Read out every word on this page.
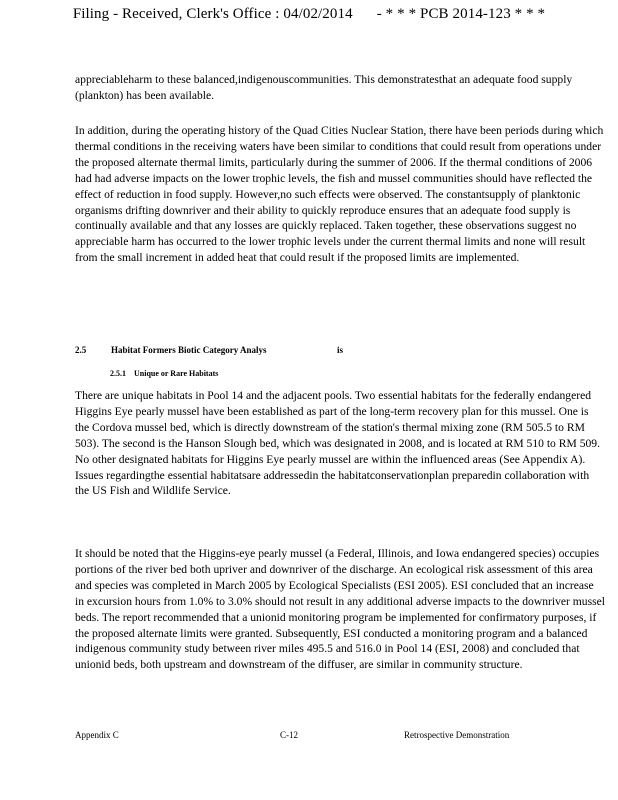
Filing - Received, Clerk's Office : 04/02/2014 - * * * PCB 2014-123 * * *
appreciableharm to these balanced,indigenouscommunities. This demonstratesthat an adequate food supply (plankton) has been available.
In addition, during the operating history of the Quad Cities Nuclear Station, there have been periods during which thermal conditions in the receiving waters have been similar to conditions that could result from operations under the proposed alternate thermal limits, particularly during the summer of 2006. If the thermal conditions of 2006 had had adverse impacts on the lower trophic levels, the fish and mussel communities should have reflected the effect of reduction in food supply. However,no such effects were observed. The constantsupply of planktonic organisms drifting downriver and their ability to quickly reproduce ensures that an adequate food supply is continually available and that any losses are quickly replaced. Taken together, these observations suggest no appreciable harm has occurred to the lower trophic levels under the current thermal limits and none will result from the small increment in added heat that could result if the proposed limits are implemented.
2.5	Habitat Formers Biotic Category Analys	is
2.5.1 Unique or Rare Habitats
There are unique habitats in Pool 14 and the adjacent pools. Two essential habitats for the federally endangered Higgins Eye pearly mussel have been established as part of the long-term recovery plan for this mussel. One is the Cordova mussel bed, which is directly downstream of the station's thermal mixing zone (RM 505.5 to RM 503). The second is the Hanson Slough bed, which was designated in 2008, and is located at RM 510 to RM 509. No other designated habitats for Higgins Eye pearly mussel are within the influenced areas (See Appendix A). Issues regardingthe essential habitatsare addressedin the habitatconservationplan preparedin collaboration with the US Fish and Wildlife Service.
It should be noted that the Higgins-eye pearly mussel (a Federal, Illinois, and Iowa endangered species) occupies portions of the river bed both upriver and downriver of the discharge. An ecological risk assessment of this area and species was completed in March 2005 by Ecological Specialists (ESI 2005). ESI concluded that an increase in excursion hours from 1.0% to 3.0% should not result in any additional adverse impacts to the downriver mussel beds. The report recommended that a unionid monitoring program be implemented for confirmatory purposes, if the proposed alternate limits were granted. Subsequently, ESI conducted a monitoring program and a balanced indigenous community study between river miles 495.5 and 516.0 in Pool 14 (ESI, 2008) and concluded that unionid beds, both upstream and downstream of the diffuser, are similar in community structure.
Appendix C	C-12	Retrospective Demonstration
